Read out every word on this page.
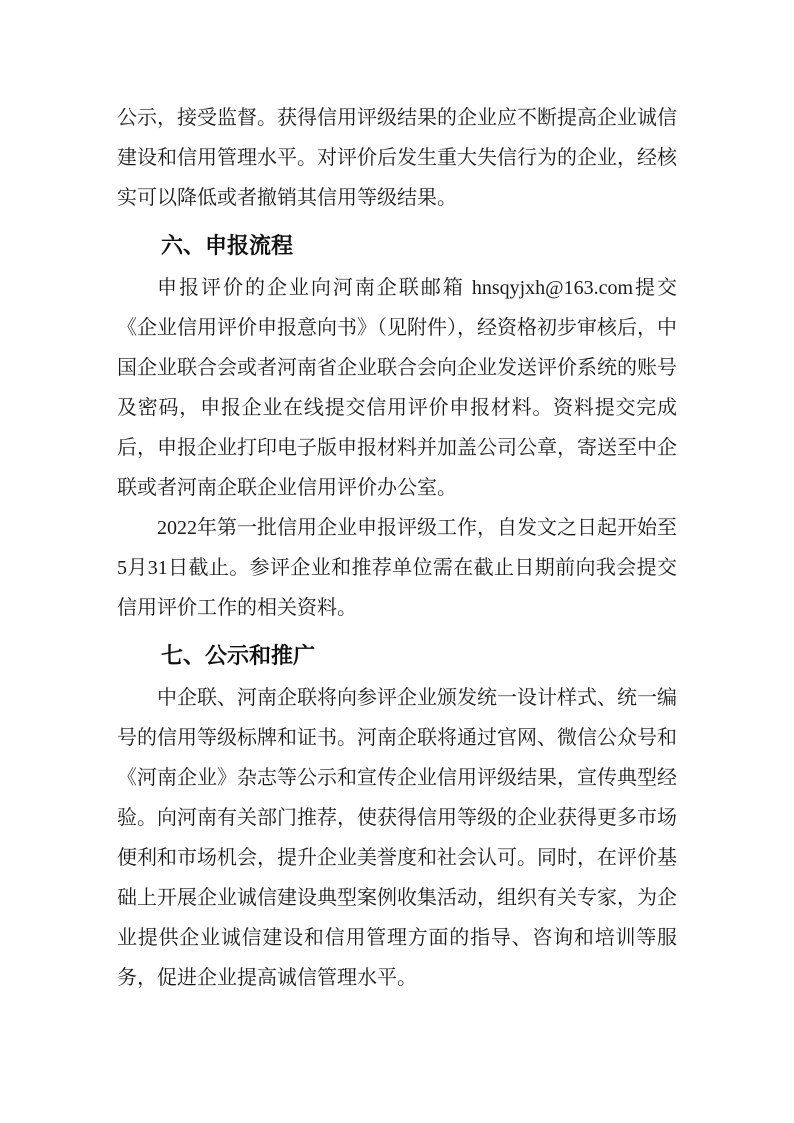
公示，接受监督。获得信用评级结果的企业应不断提高企业诚信建设和信用管理水平。对评价后发生重大失信行为的企业，经核实可以降低或者撤销其信用等级结果。

六、申报流程

申报评价的企业向河南企联邮箱 hnsqyjxh@163.com提交《企业信用评价申报意向书》（见附件），经资格初步审核后，中国企业联合会或者河南省企业联合会向企业发送评价系统的账号及密码，申报企业在线提交信用评价申报材料。资料提交完成后，申报企业打印电子版申报材料并加盖公司公章，寄送至中企联或者河南企联企业信用评价办公室。

2022年第一批信用企业申报评级工作，自发文之日起开始至5月31日截止。参评企业和推荐单位需在截止日期前向我会提交信用评价工作的相关资料。

七、公示和推广

中企联、河南企联将向参评企业颁发统一设计样式、统一编号的信用等级标牌和证书。河南企联将通过官网、微信公众号和《河南企业》杂志等公示和宣传企业信用评级结果，宣传典型经验。向河南有关部门推荐，使获得信用等级的企业获得更多市场便利和市场机会，提升企业美誉度和社会认可。同时，在评价基础上开展企业诚信建设典型案例收集活动，组织有关专家，为企业提供企业诚信建设和信用管理方面的指导、咨询和培训等服务，促进企业提高诚信管理水平。
